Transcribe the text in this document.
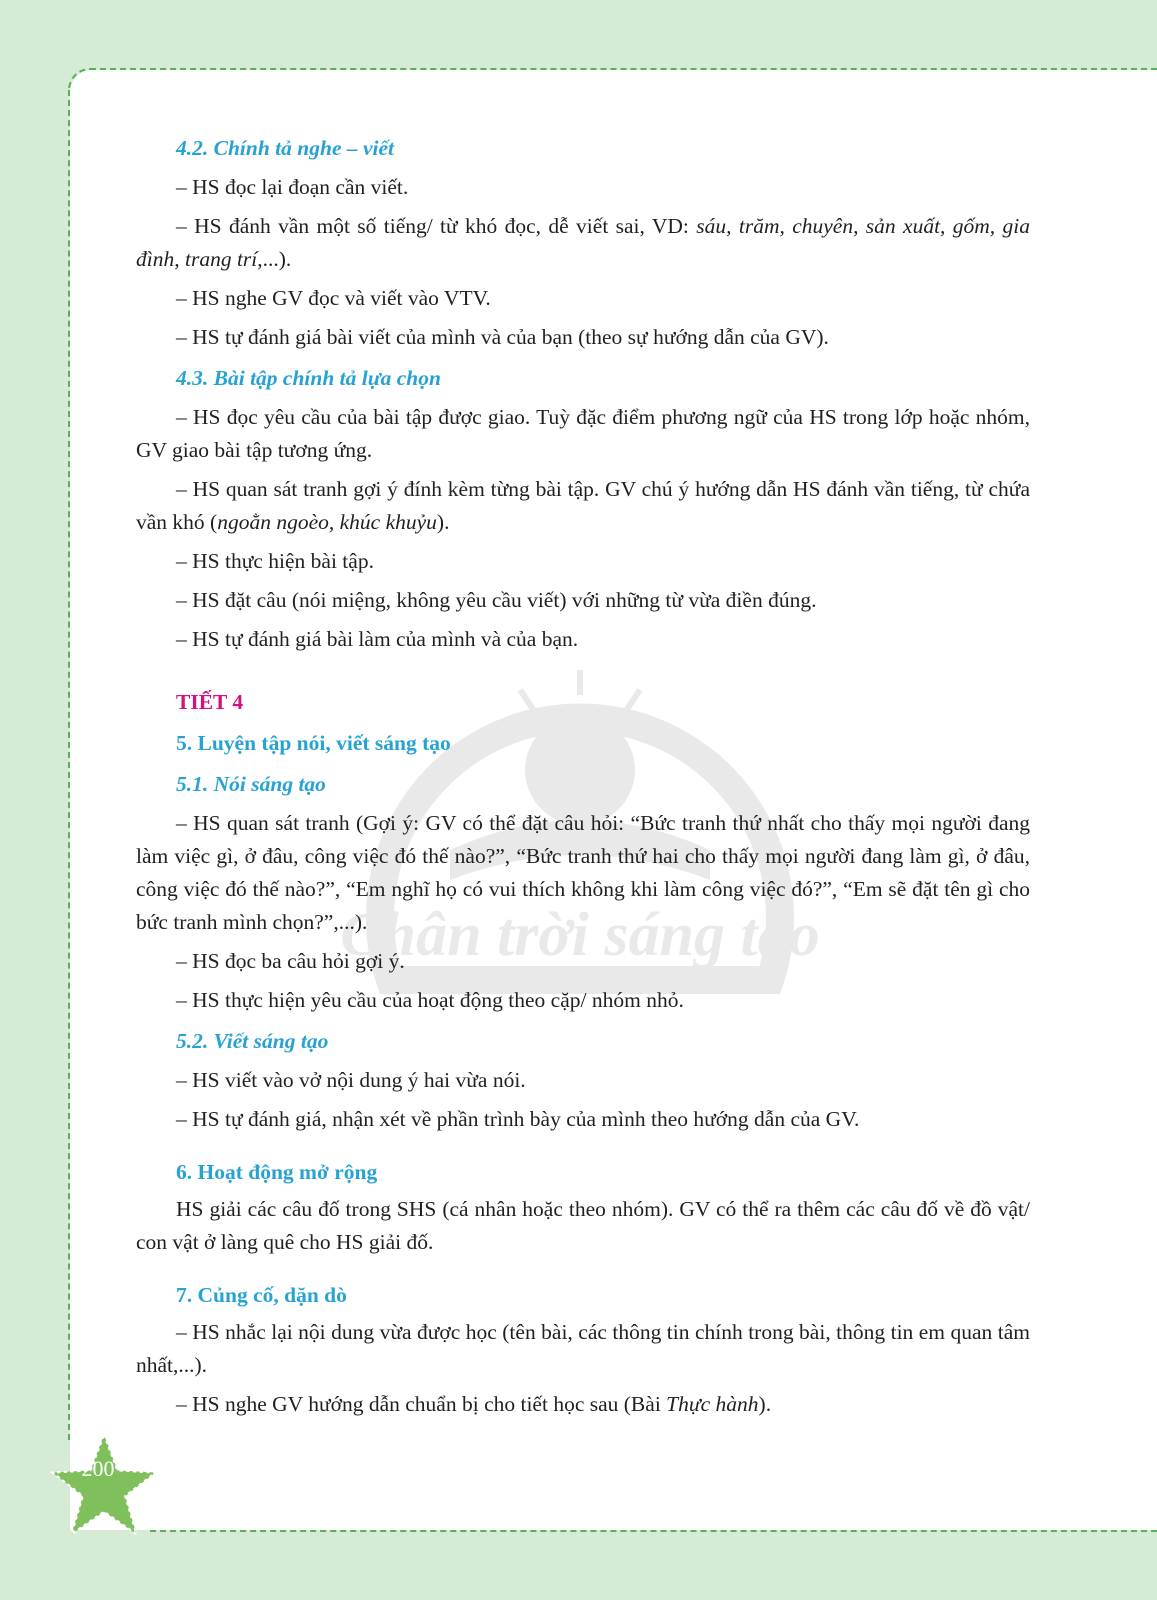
Chân trời sáng tạo

4.2. Chính tả nghe – viết

– HS đọc lại đoạn cần viết.

– HS đánh vần một số tiếng/ từ khó đọc, dễ viết sai, VD: sáu, trăm, chuyên, sản xuất, gốm, gia đình, trang trí,...).

– HS nghe GV đọc và viết vào VTV.

– HS tự đánh giá bài viết của mình và của bạn (theo sự hướng dẫn của GV).

4.3. Bài tập chính tả lựa chọn

– HS đọc yêu cầu của bài tập được giao. Tuỳ đặc điểm phương ngữ của HS trong lớp hoặc nhóm, GV giao bài tập tương ứng.

– HS quan sát tranh gợi ý đính kèm từng bài tập. GV chú ý hướng dẫn HS đánh vần tiếng, từ chứa vần khó (ngoằn ngoèo, khúc khuỷu).

– HS thực hiện bài tập.

– HS đặt câu (nói miệng, không yêu cầu viết) với những từ vừa điền đúng.

– HS tự đánh giá bài làm của mình và của bạn.

TIẾT 4

5. Luyện tập nói, viết sáng tạo

5.1. Nói sáng tạo

– HS quan sát tranh (Gợi ý: GV có thể đặt câu hỏi: “Bức tranh thứ nhất cho thấy mọi người đang làm việc gì, ở đâu, công việc đó thế nào?”, “Bức tranh thứ hai cho thấy mọi người đang làm gì, ở đâu, công việc đó thế nào?”, “Em nghĩ họ có vui thích không khi làm công việc đó?”, “Em sẽ đặt tên gì cho bức tranh mình chọn?”,...).

– HS đọc ba câu hỏi gợi ý.

– HS thực hiện yêu cầu của hoạt động theo cặp/ nhóm nhỏ.

5.2. Viết sáng tạo

– HS viết vào vở nội dung ý hai vừa nói.

– HS tự đánh giá, nhận xét về phần trình bày của mình theo hướng dẫn của GV.

6. Hoạt động mở rộng

HS giải các câu đố trong SHS (cá nhân hoặc theo nhóm). GV có thể ra thêm các câu đố về đồ vật/ con vật ở làng quê cho HS giải đố.

7. Củng cố, dặn dò

– HS nhắc lại nội dung vừa được học (tên bài, các thông tin chính trong bài, thông tin em quan tâm nhất,...).

– HS nghe GV hướng dẫn chuẩn bị cho tiết học sau (Bài Thực hành).

200
